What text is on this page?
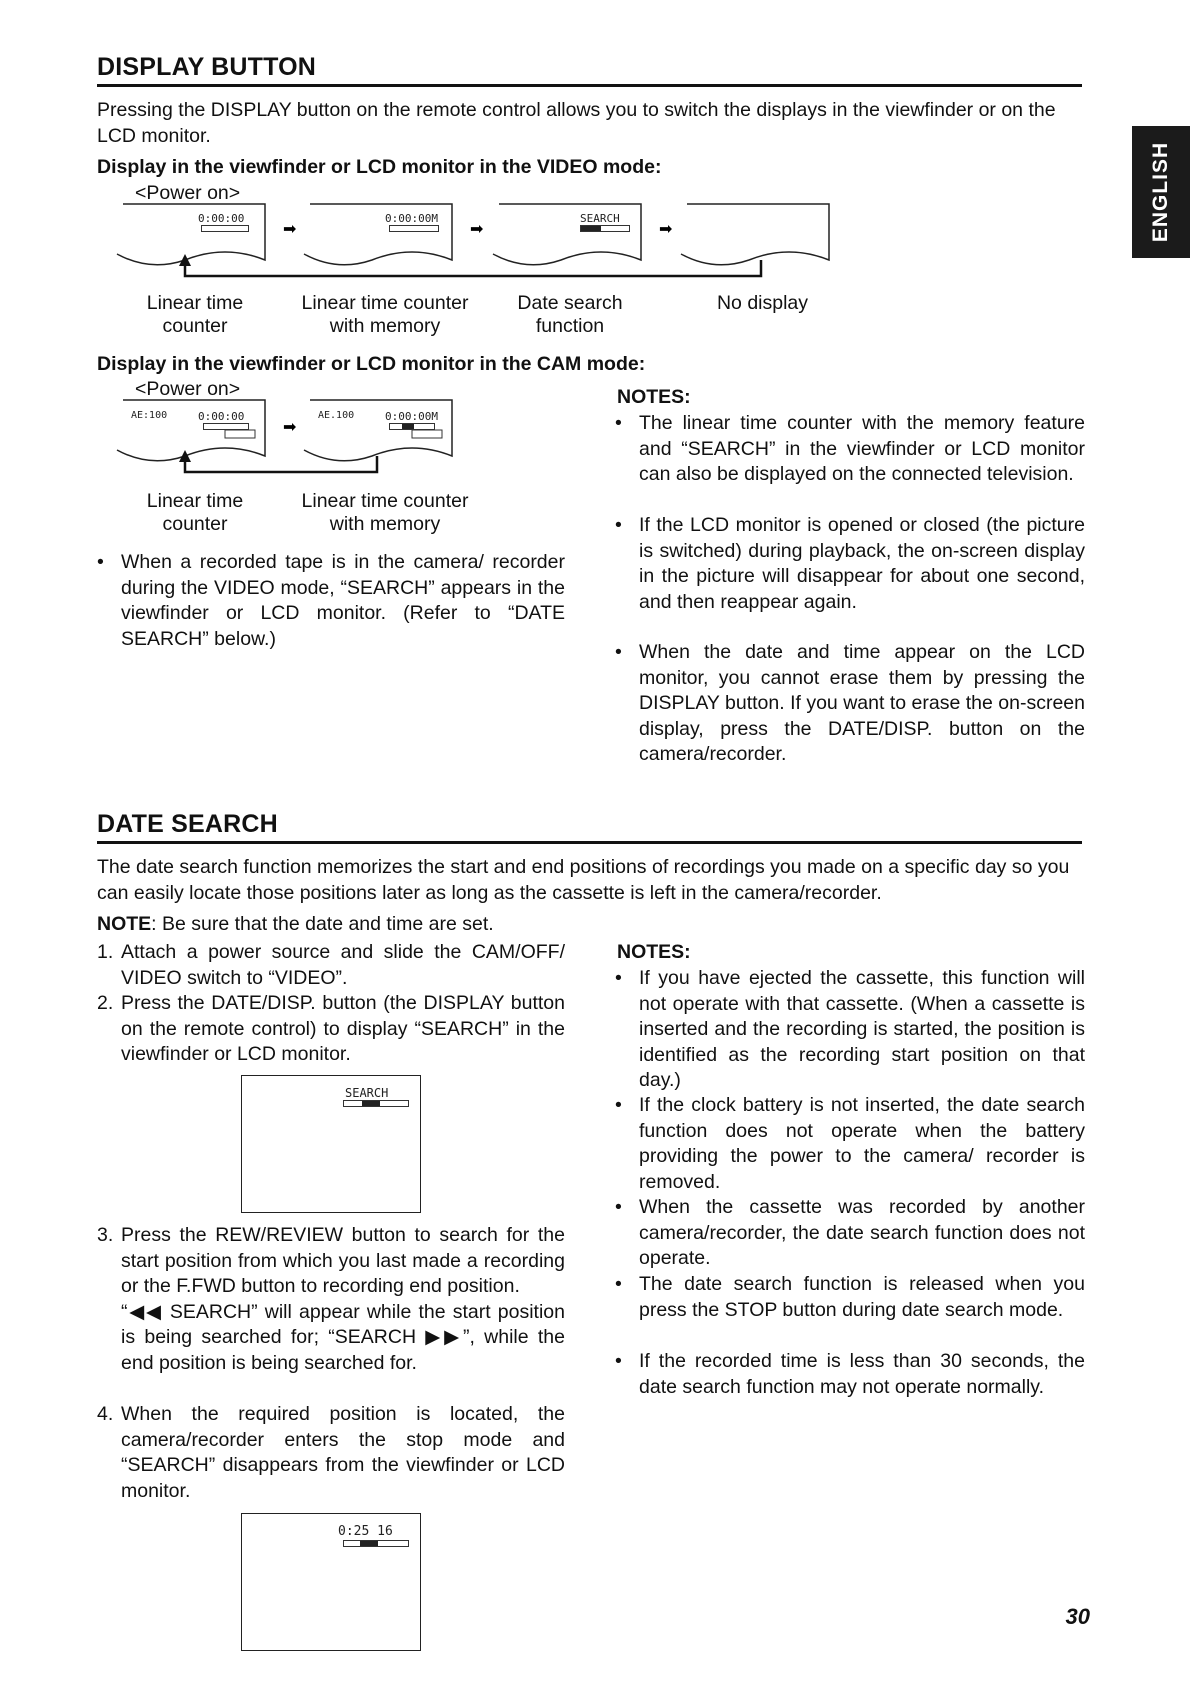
ENGLISH
DISPLAY BUTTON
Pressing the DISPLAY button on the remote control allows you to switch the displays in the viewfinder or on the LCD monitor.
Display in the viewfinder or LCD monitor in the VIDEO mode:
<Power on>
➡	➡	➡
0:00:00	0:00:00M	SEARCH
Linear time
counter
Linear time counter
with memory
Date search
function
No display
Display in the viewfinder or LCD monitor in the CAM mode:
<Power on>
➡
AE:100	0:00:00	AE.100	0:00:00M
Linear time
counter
Linear time counter
with memory
• When a recorded tape is in the camera/ recorder during the VIDEO mode, “SEARCH” appears in the viewfinder or LCD monitor. (Refer to “DATE SEARCH” below.)
NOTES:
• The linear time counter with the memory feature and “SEARCH” in the viewfinder or LCD monitor can also be displayed on the connected television.
• If the LCD monitor is opened or closed (the picture is switched) during playback, the on-screen display in the picture will disappear for about one second, and then reappear again.
• When the date and time appear on the LCD monitor, you cannot erase them by pressing the DISPLAY button. If you want to erase the on-screen display, press the DATE/DISP. button on the camera/recorder.
DATE SEARCH
The date search function memorizes the start and end positions of recordings you made on a specific day so you can easily locate those positions later as long as the cassette is left in the camera/recorder.
NOTE: Be sure that the date and time are set.
1. Attach a power source and slide the CAM/OFF/ VIDEO switch to “VIDEO”.
2. Press the DATE/DISP. button (the DISPLAY button on the remote control) to display “SEARCH” in the viewfinder or LCD monitor.
SEARCH
3. Press the REW/REVIEW button to search for the start position from which you last made a recording or the F.FWD button to recording end position.
“◀◀ SEARCH” will appear while the start position is being searched for; “SEARCH ▶▶”, while the end position is being searched for.
4. When the required position is located, the camera/recorder enters the stop mode and “SEARCH” disappears from the viewfinder or LCD monitor.
0:25 16
NOTES:
• If you have ejected the cassette, this function will not operate with that cassette. (When a cassette is inserted and the recording is started, the position is identified as the recording start position on that day.)
• If the clock battery is not inserted, the date search function does not operate when the battery providing the power to the camera/ recorder is removed.
• When the cassette was recorded by another camera/recorder, the date search function does not operate.
• The date search function is released when you press the STOP button during date search mode.
• If the recorded time is less than 30 seconds, the date search function may not operate normally.
30
